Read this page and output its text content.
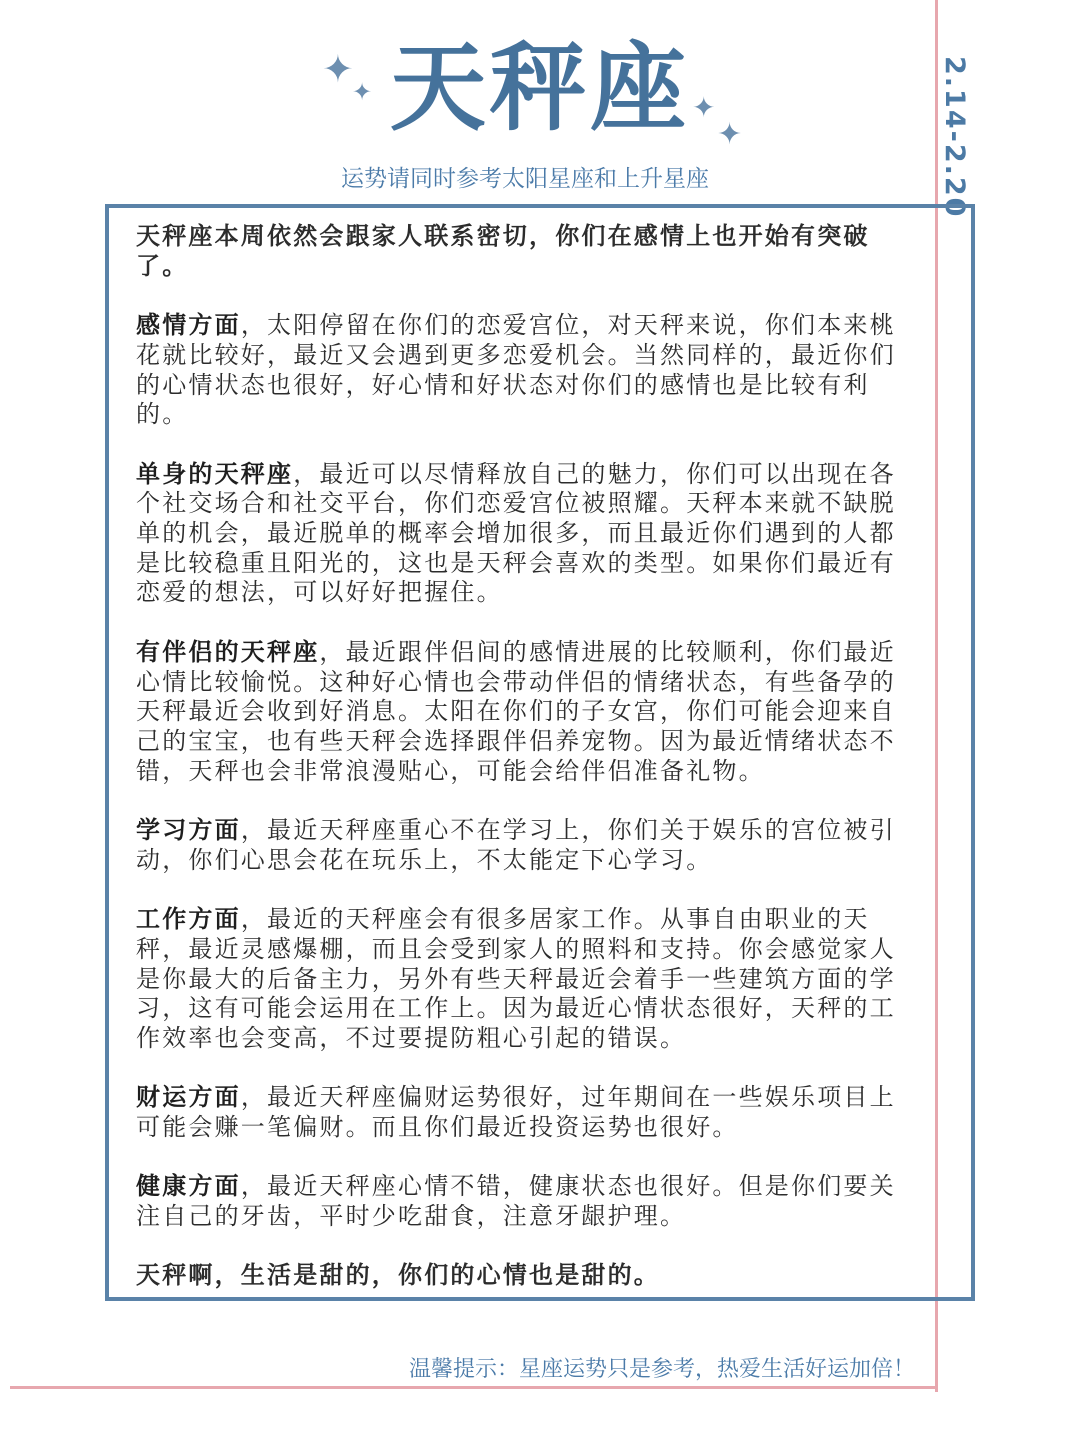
✦
✦	✦
✦
天秤座
运势请同时参考太阳星座和上升星座	2.14-2.20

天秤座本周依然会跟家人联系密切，你们在感情上也开始有突破了。

感情方面，太阳停留在你们的恋爱宫位，对天秤来说，你们本来桃花就比较好，最近又会遇到更多恋爱机会。当然同样的，最近你们的心情状态也很好，好心情和好状态对你们的感情也是比较有利的。

单身的天秤座，最近可以尽情释放自己的魅力，你们可以出现在各个社交场合和社交平台，你们恋爱宫位被照耀。天秤本来就不缺脱单的机会，最近脱单的概率会增加很多，而且最近你们遇到的人都是比较稳重且阳光的，这也是天秤会喜欢的类型。如果你们最近有恋爱的想法，可以好好把握住。

有伴侣的天秤座，最近跟伴侣间的感情进展的比较顺利，你们最近心情比较愉悦。这种好心情也会带动伴侣的情绪状态，有些备孕的天秤最近会收到好消息。太阳在你们的子女宫，你们可能会迎来自己的宝宝，也有些天秤会选择跟伴侣养宠物。因为最近情绪状态不错，天秤也会非常浪漫贴心，可能会给伴侣准备礼物。

学习方面，最近天秤座重心不在学习上，你们关于娱乐的宫位被引动，你们心思会花在玩乐上，不太能定下心学习。

工作方面，最近的天秤座会有很多居家工作。从事自由职业的天秤，最近灵感爆棚，而且会受到家人的照料和支持。你会感觉家人是你最大的后备主力，另外有些天秤最近会着手一些建筑方面的学习，这有可能会运用在工作上。因为最近心情状态很好，天秤的工作效率也会变高，不过要提防粗心引起的错误。

财运方面，最近天秤座偏财运势很好，过年期间在一些娱乐项目上可能会赚一笔偏财。而且你们最近投资运势也很好。

健康方面，最近天秤座心情不错，健康状态也很好。但是你们要关注自己的牙齿，平时少吃甜食，注意牙龈护理。

天秤啊，生活是甜的，你们的心情也是甜的。

温馨提示：星座运势只是参考，热爱生活好运加倍！
